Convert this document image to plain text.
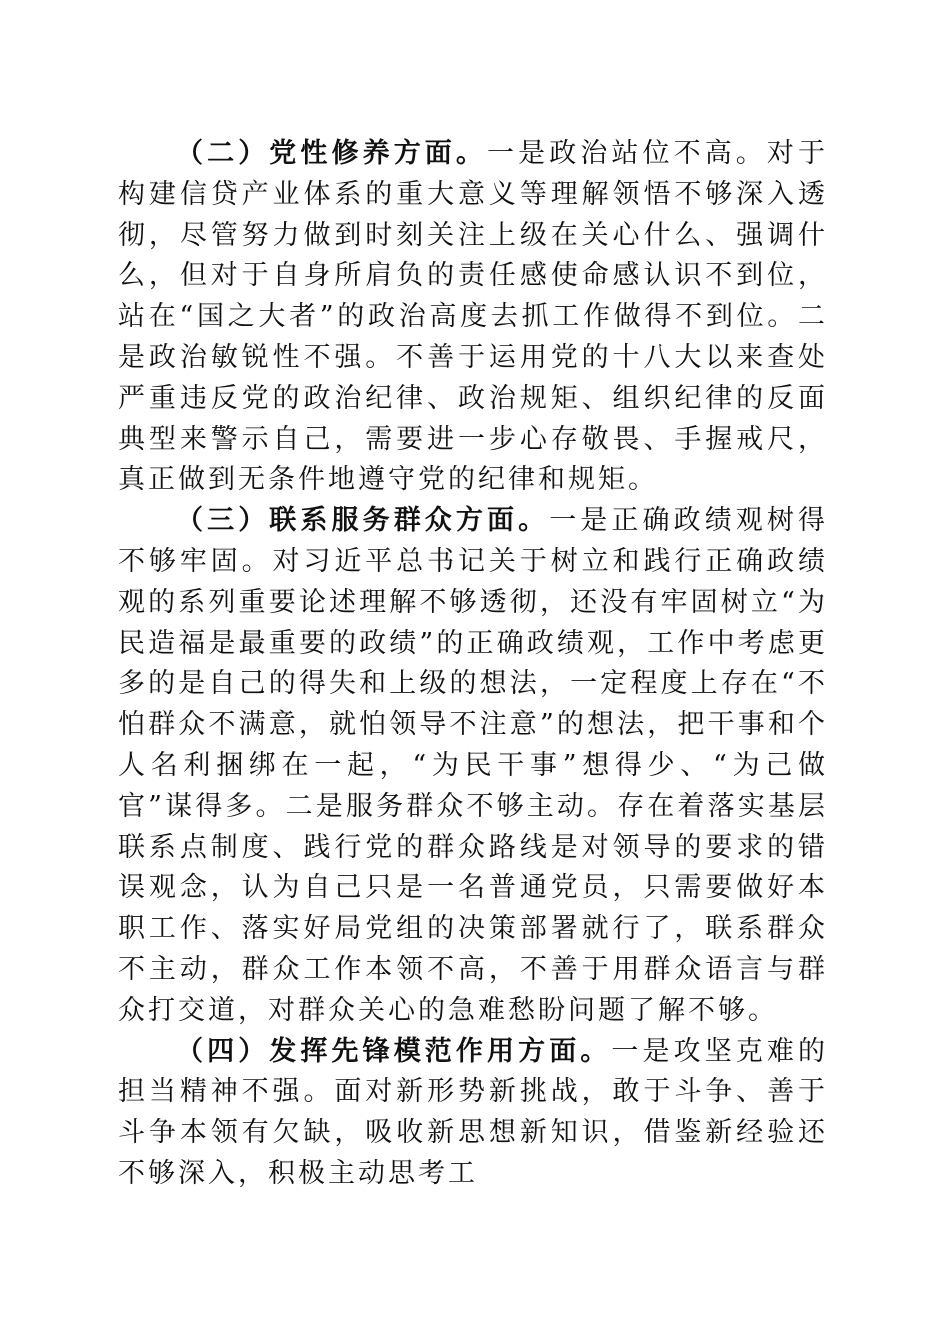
（二）党性修养方面。一是政治站位不高。对于构建信贷产业体系的重大意义等理解领悟不够深入透彻，尽管努力做到时刻关注上级在关心什么、强调什么，但对于自身所肩负的责任感使命感认识不到位，站在“国之大者”的政治高度去抓工作做得不到位。二是政治敏锐性不强。不善于运用党的十八大以来查处严重违反党的政治纪律、政治规矩、组织纪律的反面典型来警示自己，需要进一步心存敬畏、手握戒尺，真正做到无条件地遵守党的纪律和规矩。

（三）联系服务群众方面。一是正确政绩观树得不够牢固。对习近平总书记关于树立和践行正确政绩观的系列重要论述理解不够透彻，还没有牢固树立“为民造福是最重要的政绩”的正确政绩观，工作中考虑更多的是自己的得失和上级的想法，一定程度上存在“不怕群众不满意，就怕领导不注意”的想法，把干事和个人名利捆绑在一起，“为民干事”想得少、“为己做官”谋得多。二是服务群众不够主动。存在着落实基层联系点制度、践行党的群众路线是对领导的要求的错误观念，认为自己只是一名普通党员，只需要做好本职工作、落实好局党组的决策部署就行了，联系群众不主动，群众工作本领不高，不善于用群众语言与群众打交道，对群众关心的急难愁盼问题了解不够。

（四）发挥先锋模范作用方面。一是攻坚克难的担当精神不强。面对新形势新挑战，敢于斗争、善于斗争本领有欠缺，吸收新思想新知识，借鉴新经验还不够深入，积极主动思考工
